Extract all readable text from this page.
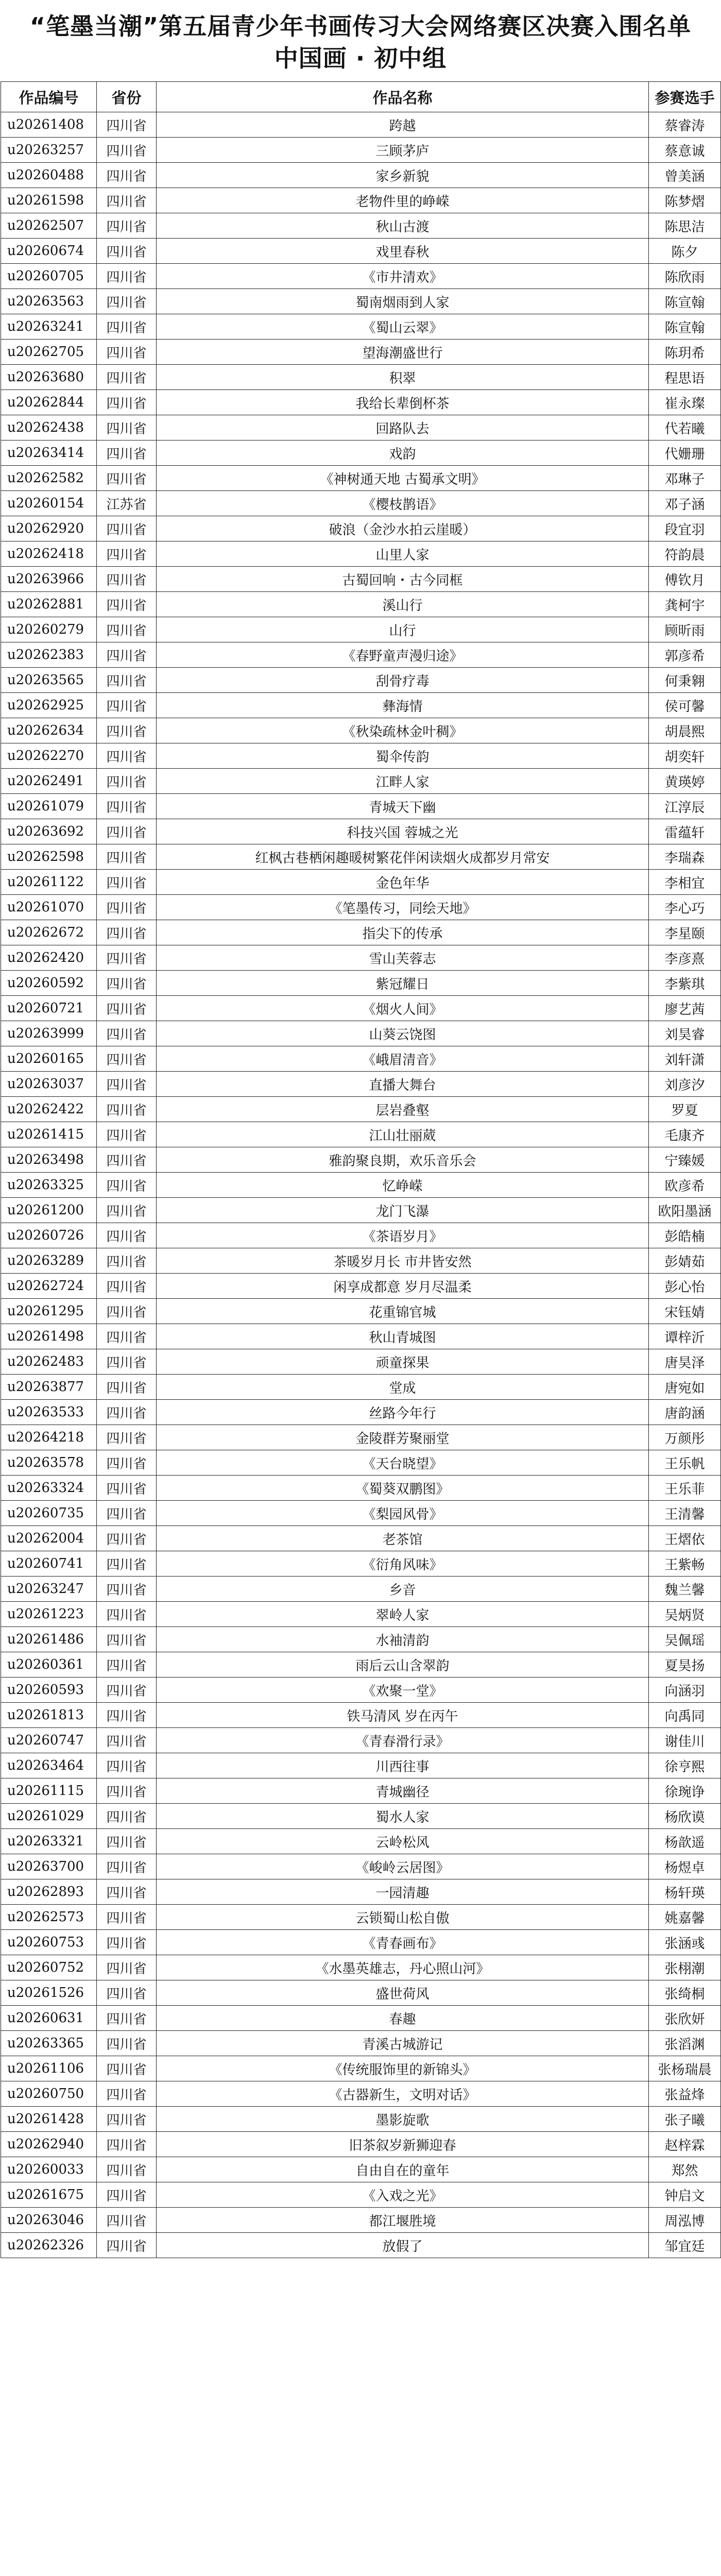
“笔墨当潮”第五届青少年书画传习大会网络赛区决赛入围名单
中国画 · 初中组
作品编号	省份	作品名称	参赛选手
u20261408	四川省	跨越	蔡睿涛
u20263257	四川省	三顾茅庐	蔡意诚
u20260488	四川省	家乡新貌	曾美涵
u20261598	四川省	老物件里的峥嵘	陈梦熠
u20262507	四川省	秋山古渡	陈思洁
u20260674	四川省	戏里春秋	陈夕
u20260705	四川省	《市井清欢》	陈欣雨
u20263563	四川省	蜀南烟雨到人家	陈宣翰
u20263241	四川省	《蜀山云翠》	陈宣翰
u20262705	四川省	望海潮盛世行	陈玥希
u20263680	四川省	积翠	程思语
u20262844	四川省	我给长辈倒杯茶	崔永璨
u20262438	四川省	回路队去	代若曦
u20263414	四川省	戏韵	代姗珊
u20262582	四川省	《神树通天地 古蜀承文明》	邓琳子
u20260154	江苏省	《樱枝鹊语》	邓子涵
u20262920	四川省	破浪（金沙水拍云崖暖）	段宜羽
u20262418	四川省	山里人家	符韵晨
u20263966	四川省	古蜀回响・古今同框	傅钦月
u20262881	四川省	溪山行	龚柯宇
u20260279	四川省	山行	顾昕雨
u20262383	四川省	《春野童声漫归途》	郭彦希
u20263565	四川省	刮骨疗毒	何秉翱
u20262925	四川省	彝海情	侯可馨
u20262634	四川省	《秋染疏林金叶稠》	胡晨熙
u20262270	四川省	蜀伞传韵	胡奕轩
u20262491	四川省	江畔人家	黄瑛婷
u20261079	四川省	青城天下幽	江淳辰
u20263692	四川省	科技兴国 蓉城之光	雷蕴轩
u20262598	四川省	红枫古巷栖闲趣暖树繁花伴闲读烟火成都岁月常安	李瑞森
u20261122	四川省	金色年华	李相宜
u20261070	四川省	《笔墨传习，同绘天地》	李心巧
u20262672	四川省	指尖下的传承	李星颐
u20262420	四川省	雪山芙蓉志	李彦熹
u20260592	四川省	紫冠耀日	李紫琪
u20260721	四川省	《烟火人间》	廖艺茜
u20263999	四川省	山葵云饶图	刘昊睿
u20260165	四川省	《峨眉清音》	刘轩潇
u20263037	四川省	直播大舞台	刘彦汐
u20262422	四川省	层岩叠壑	罗夏
u20261415	四川省	江山壮丽葳	毛康齐
u20263498	四川省	雅韵聚良期，欢乐音乐会	宁臻媛
u20263325	四川省	忆峥嵘	欧彦希
u20261200	四川省	龙门飞瀑	欧阳墨涵
u20260726	四川省	《茶语岁月》	彭皓楠
u20263289	四川省	茶暖岁月长 市井皆安然	彭婧茹
u20262724	四川省	闲享成都意 岁月尽温柔	彭心怡
u20261295	四川省	花重锦官城	宋钰婧
u20261498	四川省	秋山青城图	谭梓沂
u20262483	四川省	顽童探果	唐昊泽
u20263877	四川省	堂成	唐宛如
u20263533	四川省	丝路今年行	唐韵涵
u20264218	四川省	金陵群芳聚丽堂	万颜彤
u20263578	四川省	《天台晓望》	王乐帆
u20263324	四川省	《蜀葵双鹏图》	王乐菲
u20260735	四川省	《梨园风骨》	王清馨
u20262004	四川省	老茶馆	王熠依
u20260741	四川省	《衍角风味》	王紫畅
u20263247	四川省	乡音	魏兰馨
u20261223	四川省	翠岭人家	吴炳贤
u20261486	四川省	水袖清韵	吴佩瑶
u20260361	四川省	雨后云山含翠韵	夏昊扬
u20260593	四川省	《欢聚一堂》	向涵羽
u20261813	四川省	铁马清风 岁在丙午	向禹同
u20260747	四川省	《青春滑行录》	谢佳川
u20263464	四川省	川西往事	徐亨熙
u20261115	四川省	青城幽径	徐琬诤
u20261029	四川省	蜀水人家	杨欣谟
u20263321	四川省	云岭松风	杨歆遥
u20263700	四川省	《峻岭云居图》	杨煜卓
u20262893	四川省	一园清趣	杨轩瑛
u20262573	四川省	云锁蜀山松自傲	姚嘉馨
u20260753	四川省	《青春画布》	张涵彧
u20260752	四川省	《水墨英雄志，丹心照山河》	张栩潮
u20261526	四川省	盛世荷风	张绮桐
u20260631	四川省	春趣	张欣妍
u20263365	四川省	青溪古城游记	张滔渊
u20261106	四川省	《传统服饰里的新锦头》	张杨瑞晨
u20260750	四川省	《古器新生，文明对话》	张益烽
u20261428	四川省	墨影旋歌	张子曦
u20262940	四川省	旧茶叙岁新狮迎春	赵梓霖
u20260033	四川省	自由自在的童年	郑然
u20261675	四川省	《入戏之光》	钟启文
u20263046	四川省	都江堰胜境	周泓博
u20262326	四川省	放假了	邹宜廷
